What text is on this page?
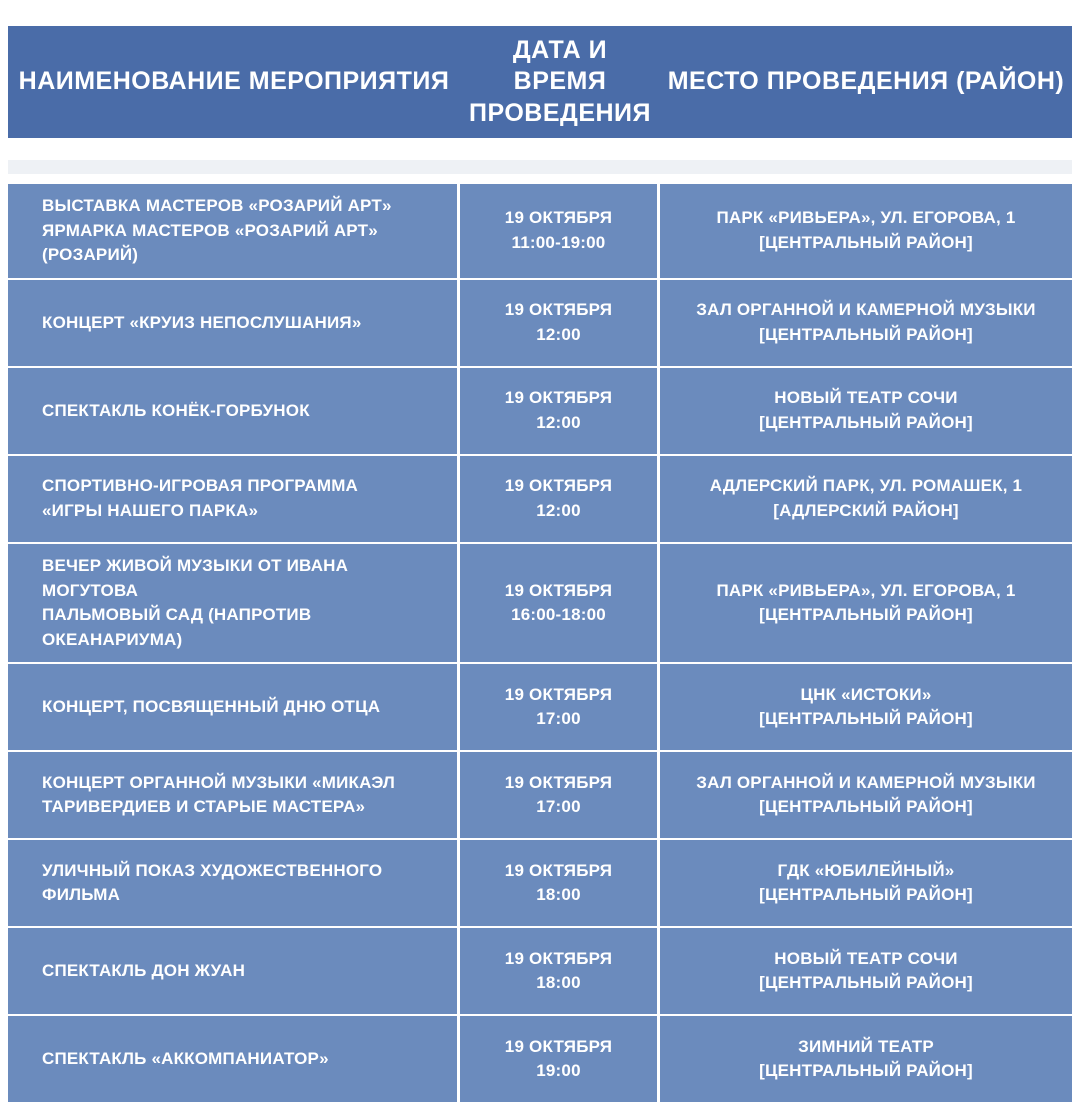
НАИМЕНОВАНИЕ МЕРОПРИЯТИЯ
ДАТА И ВРЕМЯ ПРОВЕДЕНИЯ
МЕСТО ПРОВЕДЕНИЯ (РАЙОН)
ВЫСТАВКА МАСТЕРОВ «РОЗАРИЙ АРТ»
ЯРМАРКА МАСТЕРОВ «РОЗАРИЙ АРТ»
(РОЗАРИЙ)
19 ОКТЯБРЯ
11:00-19:00
ПАРК «РИВЬЕРА», УЛ. ЕГОРОВА, 1
[ЦЕНТРАЛЬНЫЙ РАЙОН]
КОНЦЕРТ «КРУИЗ НЕПОСЛУШАНИЯ»
19 ОКТЯБРЯ
12:00
ЗАЛ ОРГАННОЙ И КАМЕРНОЙ МУЗЫКИ
[ЦЕНТРАЛЬНЫЙ РАЙОН]
СПЕКТАКЛЬ КОНЁК-ГОРБУНОК
19 ОКТЯБРЯ
12:00
НОВЫЙ ТЕАТР СОЧИ
[ЦЕНТРАЛЬНЫЙ РАЙОН]
СПОРТИВНО-ИГРОВАЯ ПРОГРАММА
«ИГРЫ НАШЕГО ПАРКА»
19 ОКТЯБРЯ
12:00
АДЛЕРСКИЙ ПАРК, УЛ. РОМАШЕК, 1
[АДЛЕРСКИЙ РАЙОН]
ВЕЧЕР ЖИВОЙ МУЗЫКИ ОТ ИВАНА МОГУТОВА
ПАЛЬМОВЫЙ САД (НАПРОТИВ ОКЕАНАРИУМА)
19 ОКТЯБРЯ
16:00-18:00
ПАРК «РИВЬЕРА», УЛ. ЕГОРОВА, 1
[ЦЕНТРАЛЬНЫЙ РАЙОН]
КОНЦЕРТ, ПОСВЯЩЕННЫЙ ДНЮ ОТЦА
19 ОКТЯБРЯ
17:00
ЦНК «ИСТОКИ»
[ЦЕНТРАЛЬНЫЙ РАЙОН]
КОНЦЕРТ ОРГАННОЙ МУЗЫКИ «МИКАЭЛ
ТАРИВЕРДИЕВ И СТАРЫЕ МАСТЕРА»
19 ОКТЯБРЯ
17:00
ЗАЛ ОРГАННОЙ И КАМЕРНОЙ МУЗЫКИ
[ЦЕНТРАЛЬНЫЙ РАЙОН]
УЛИЧНЫЙ ПОКАЗ ХУДОЖЕСТВЕННОГО
ФИЛЬМА
19 ОКТЯБРЯ
18:00
ГДК «ЮБИЛЕЙНЫЙ»
[ЦЕНТРАЛЬНЫЙ РАЙОН]
СПЕКТАКЛЬ ДОН ЖУАН
19 ОКТЯБРЯ
18:00
НОВЫЙ ТЕАТР СОЧИ
[ЦЕНТРАЛЬНЫЙ РАЙОН]
СПЕКТАКЛЬ «АККОМПАНИАТОР»
19 ОКТЯБРЯ
19:00
ЗИМНИЙ ТЕАТР
[ЦЕНТРАЛЬНЫЙ РАЙОН]
